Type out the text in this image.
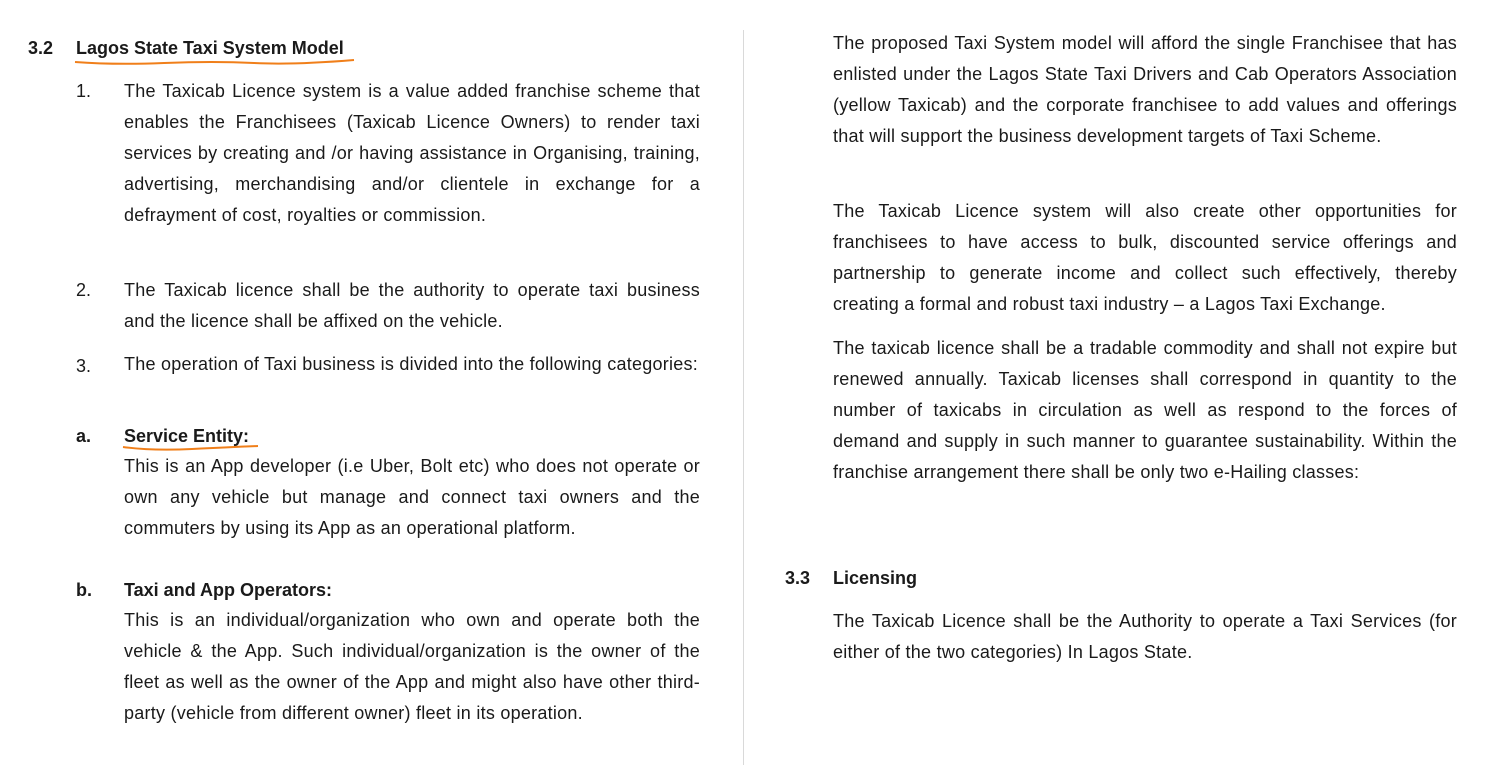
3.2 Lagos State Taxi System Model
1. The Taxicab Licence system is a value added franchise scheme that enables the Franchisees (Taxicab Licence Owners) to render taxi services by creating and /or having assistance in Organising, training, advertising, merchandising and/or clientele in exchange for a defrayment of cost, royalties or commission.
2. The Taxicab licence shall be the authority to operate taxi business and the licence shall be affixed on the vehicle.
3. The operation of Taxi business is divided into the following categories:
a. Service Entity:
This is an App developer (i.e Uber, Bolt etc) who does not operate or own any vehicle but manage and connect taxi owners and the commuters by using its App as an operational platform.
b. Taxi and App Operators:
This is an individual/organization who own and operate both the vehicle & the App. Such individual/organization is the owner of the fleet as well as the owner of the App and might also have other third-party (vehicle from different owner) fleet in its operation.
The proposed Taxi System model will afford the single Franchisee that has enlisted under the Lagos State Taxi Drivers and Cab Operators Association (yellow Taxicab) and the corporate franchisee to add values and offerings that will support the business development targets of Taxi Scheme.
The Taxicab Licence system will also create other opportunities for franchisees to have access to bulk, discounted service offerings and partnership to generate income and collect such effectively, thereby creating a formal and robust taxi industry – a Lagos Taxi Exchange.
The taxicab licence shall be a tradable commodity and shall not expire but renewed annually. Taxicab licenses shall correspond in quantity to the number of taxicabs in circulation as well as respond to the forces of demand and supply in such manner to guarantee sustainability. Within the franchise arrangement there shall be only two e-Hailing classes:
3.3 Licensing
The Taxicab Licence shall be the Authority to operate a Taxi Services (for either of the two categories) In Lagos State.
